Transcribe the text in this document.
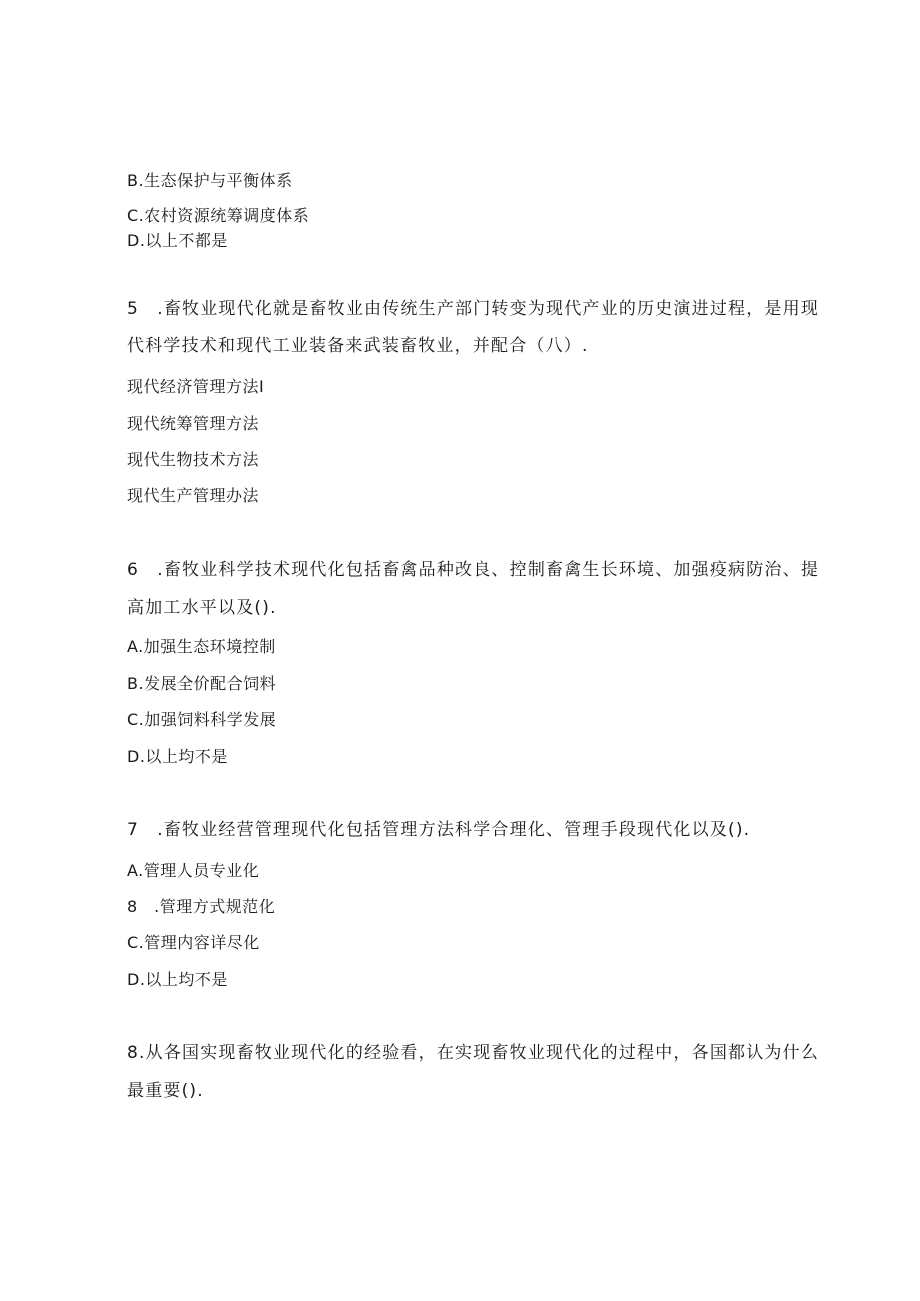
B.生态保护与平衡体系
C.农村资源统筹调度体系
D.以上不都是
5　.畜牧业现代化就是畜牧业由传统生产部门转变为现代产业的历史演进过程，是用现
代科学技术和现代工业装备来武装畜牧业，并配合（八）.
现代经济管理方法I
现代统筹管理方法
现代生物技术方法
现代生产管理办法
6　.畜牧业科学技术现代化包括畜禽品种改良、控制畜禽生长环境、加强疫病防治、提
高加工水平以及().
A.加强生态环境控制
B.发展全价配合饲料
C.加强饲料科学发展
D.以上均不是
7　.畜牧业经营管理现代化包括管理方法科学合理化、管理手段现代化以及().
A.管理人员专业化
8　.管理方式规范化
C.管理内容详尽化
D.以上均不是
8.从各国实现畜牧业现代化的经验看，在实现畜牧业现代化的过程中，各国都认为什么
最重要().
